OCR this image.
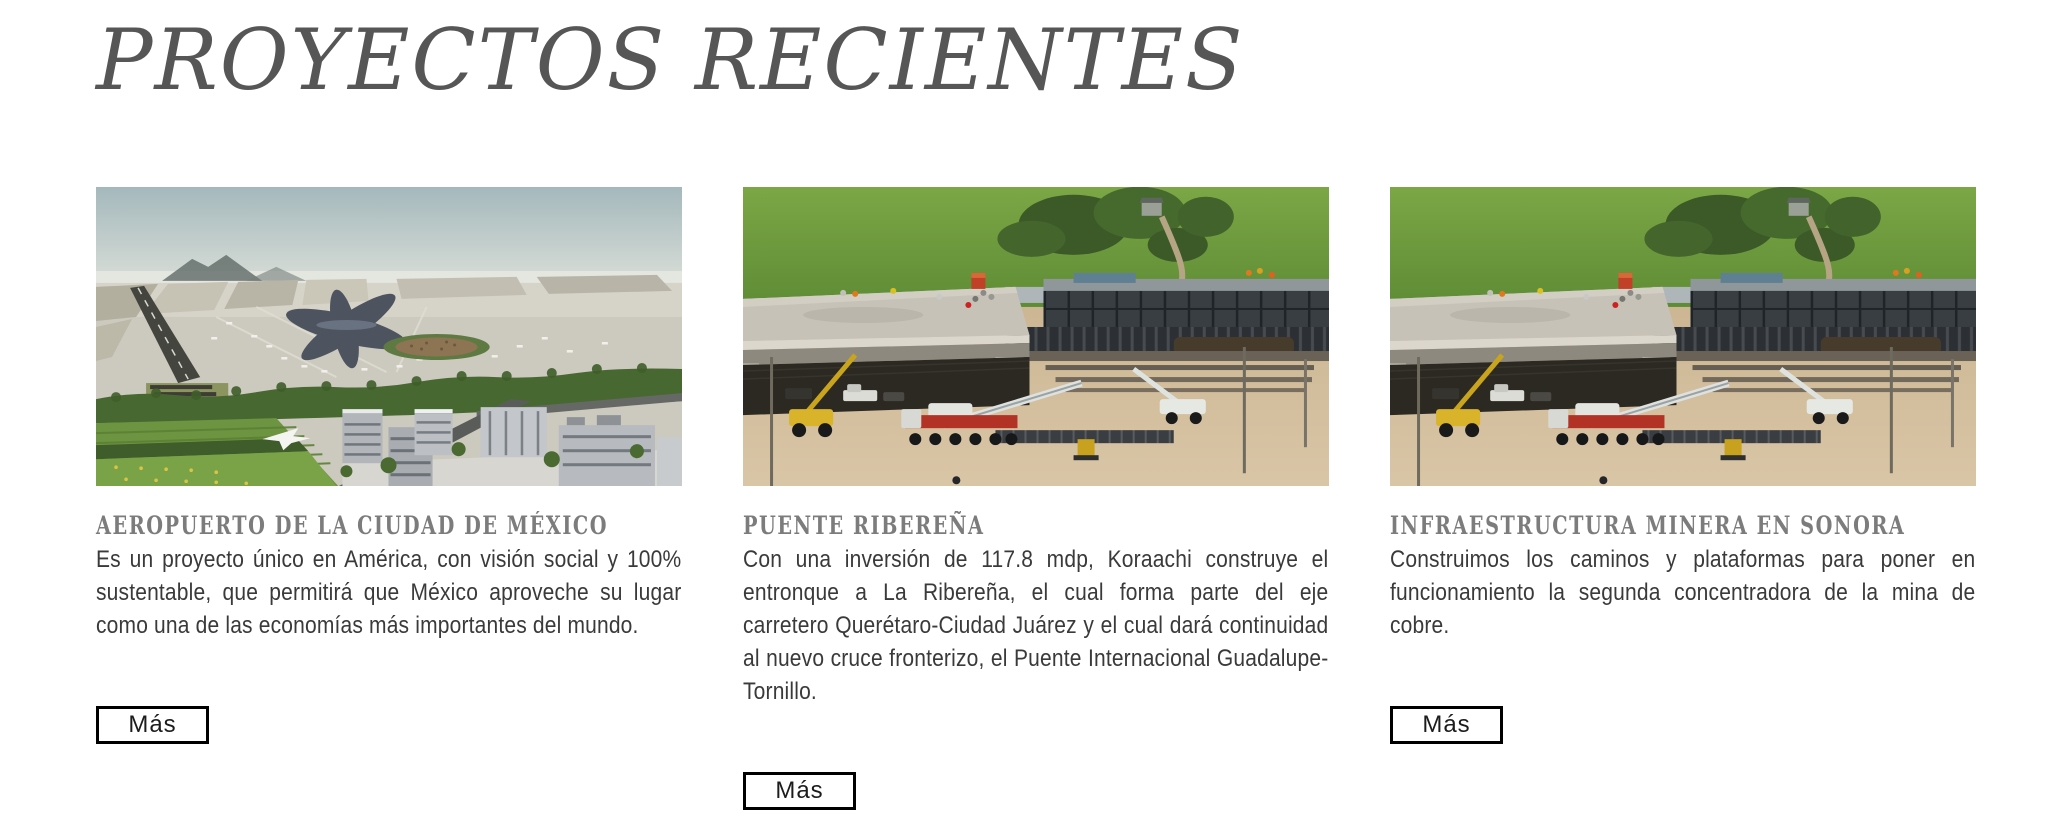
PROYECTOS RECIENTES
AEROPUERTO DE LA CIUDAD DE MÉXICO

Es un proyecto único en América, con visión social y 100% sustentable, que permitirá que México aproveche su lugar como una de las economías más importantes del mundo.

Más
PUENTE RIBEREÑA

Con una inversión de 117.8 mdp, Koraachi construye el entronque a La Ribereña, el cual forma parte del eje carretero Querétaro-Ciudad Juárez y el cual dará continuidad al nuevo cruce fronterizo, el Puente Internacional Guadalupe-Tornillo.

Más
INFRAESTRUCTURA MINERA EN SONORA

Construimos los caminos y plataformas para poner en funcionamiento la segunda concentradora de la mina de cobre.

Más
